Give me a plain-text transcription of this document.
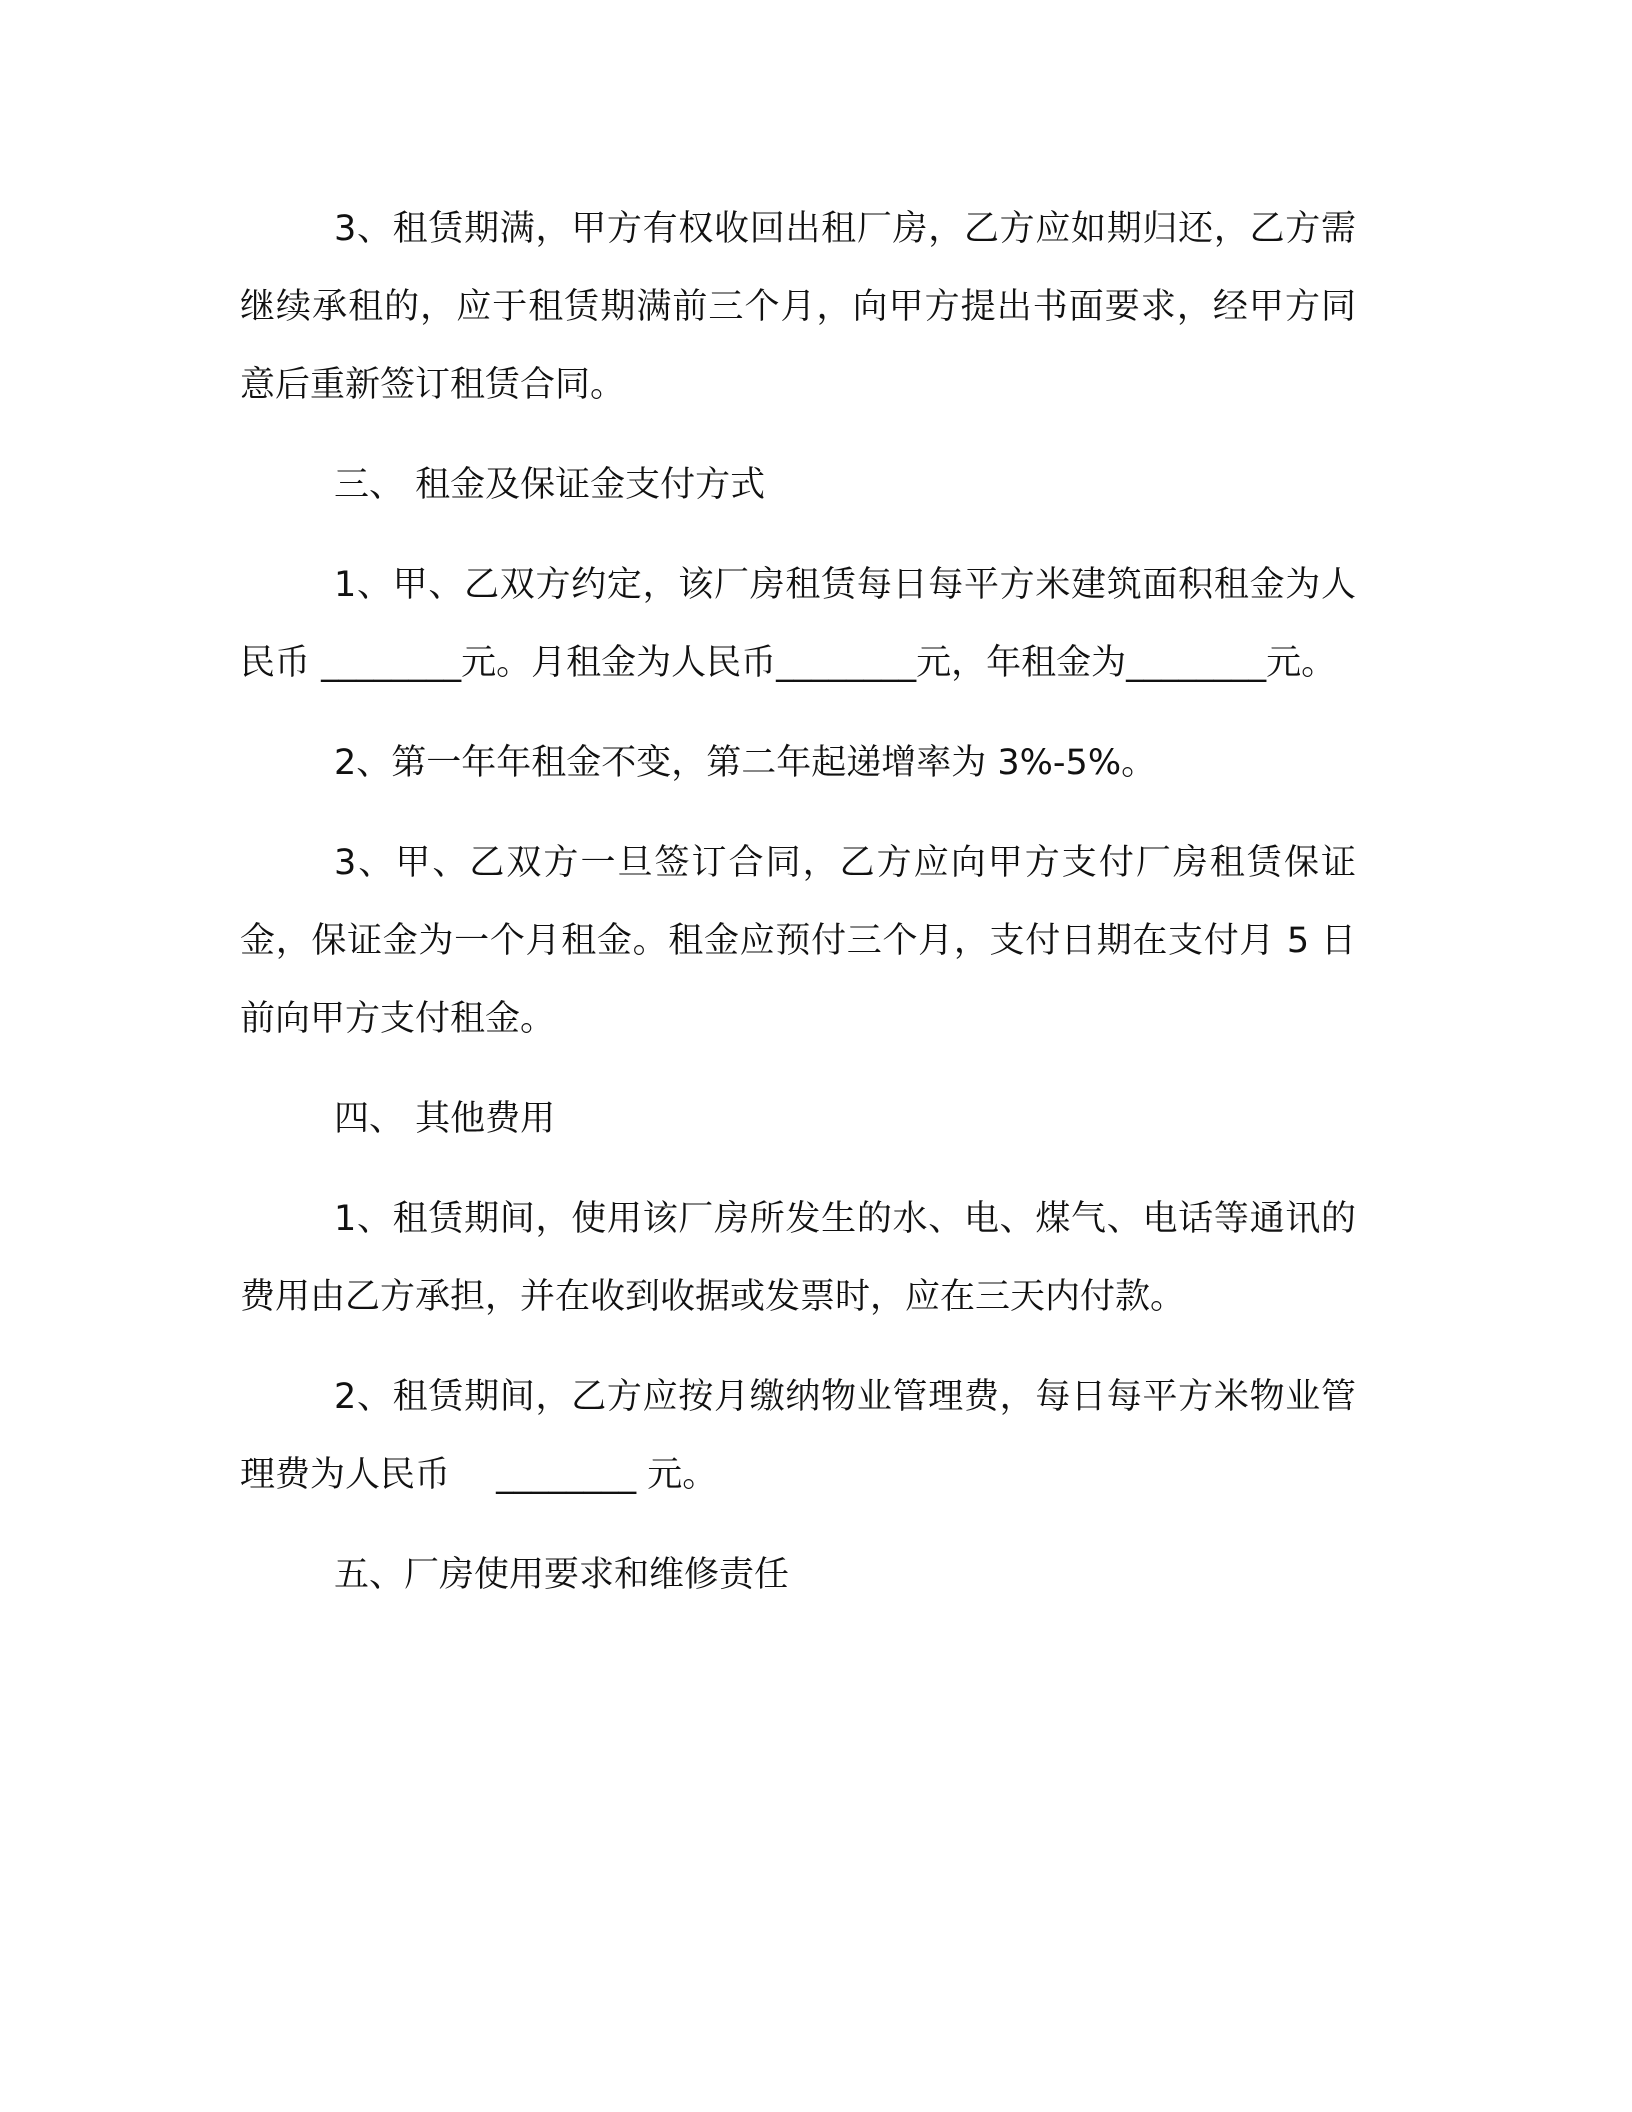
3、租赁期满，甲方有权收回出租厂房，乙方应如期归还，乙方需继续承租的，应于租赁期满前三个月，向甲方提出书面要求，经甲方同意后重新签订租赁合同。

三、 租金及保证金支付方式

1、甲、乙双方约定，该厂房租赁每日每平方米建筑面积租金为人民币 ________元。月租金为人民币________元，年租金为________元。

2、第一年年租金不变，第二年起递增率为 3%-5%。

3、甲、乙双方一旦签订合同，乙方应向甲方支付厂房租赁保证金，保证金为一个月租金。租金应预付三个月，支付日期在支付月 5 日前向甲方支付租金。

四、 其他费用

1、租赁期间，使用该厂房所发生的水、电、煤气、电话等通讯的费用由乙方承担，并在收到收据或发票时，应在三天内付款。

2、租赁期间，乙方应按月缴纳物业管理费，每日每平方米物业管理费为人民币　 ________ 元。

五、厂房使用要求和维修责任
